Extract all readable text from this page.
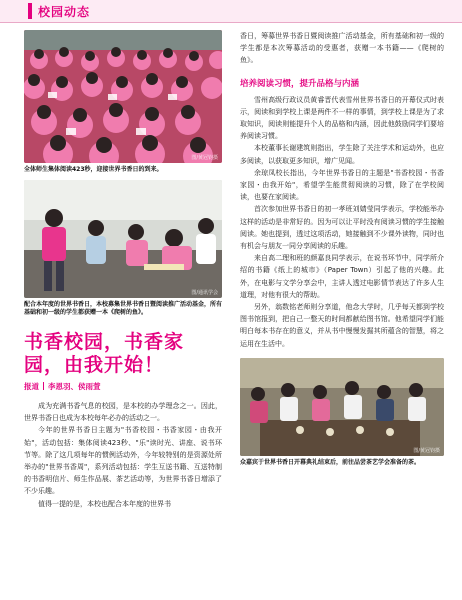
校园动态
图/黄冠钧摄
全体师生集体阅读423秒，迎接世界书香日的到来。
图/通讯学会
配合本年度的世界书香日，本校募集世界书香日暨阅读推广活动基金，所有基础和初一级的学生都获赠一本《爬树的鱼》。
书香校园，书香家园，由我开始！
报道 李恩羽、侯雨萱

成为充满书香气息的校园，是本校的办学理念之一。因此，世界书香日也成为本校每年必办的活动之一。

今年的世界书香日主题为"书香校园・书香家园・由我开始"，活动包括：集体阅读423秒、"乐"读时光、讲座、说书环节等。除了这几项每年的惯例活动外，今年较特别的是资源处所举办的"世界书香周"，系列活动包括：学生互送书籍、互送特制的书香明信片、师生作品展、茶艺活动等，为世界书香日增添了不少乐趣。

值得一提的是，本校也配合本年度的世界书

香日，筹募世界书香日暨阅读推广活动基金，所有基础和初一级的学生都是本次筹募活动的受惠者，获赠一本书籍——《爬树的鱼》。

培养阅读习惯，提升品格与内涵

雪州高级行政议员黄睿晋代表雪州世界书香日的开幕仪式时表示，阅读和到学校上课是两件不一样的事情，到学校上课是为了求取知识，阅读则能提升个人的品格和内涵，因此他鼓励同学们要培养阅读习惯。

本校董事长谢建筑则指出，学生除了关注学术和运动外，也应多阅读，以获取更多知识，增广见闻。

余琼凤校长指出，今年世界书香日的主题是"书香校园・书香家园・由我开始"，希望学生能贯彻阅读的习惯，除了在学校阅读，也要在家阅读。

首次参加世界书香日的初一孝班刘婧莹同学表示，学校能举办这样的活动是非常好的。因为可以让平时没有阅读习惯的学生接触阅读。她也提到，透过这项活动，她接触到不少课外读物，同时也有机会与朋友一同分享阅读的乐趣。

来自高二理和班的颜嘉良同学表示，在说书环节中，同学所介绍的书籍《纸上的城市》（Paper Town）引起了他的兴趣。此外，在电影与文学分享会中，主讲人透过电影情节表达了许多人生道理，对他有很大的帮助。

另外，翁数铭老师则分享道，他念大学时，几乎每天都到学校图书馆报到，把自己一整天的时间都献给图书馆。他希望同学们能明白每本书存在的意义，并从书中慢慢发掘其所蕴含的智慧，将之运用在生活中。

图/黄冠钧摄
众嘉宾于世界书香日开幕典礼结束后，前往品尝茶艺学会准备的茶。
